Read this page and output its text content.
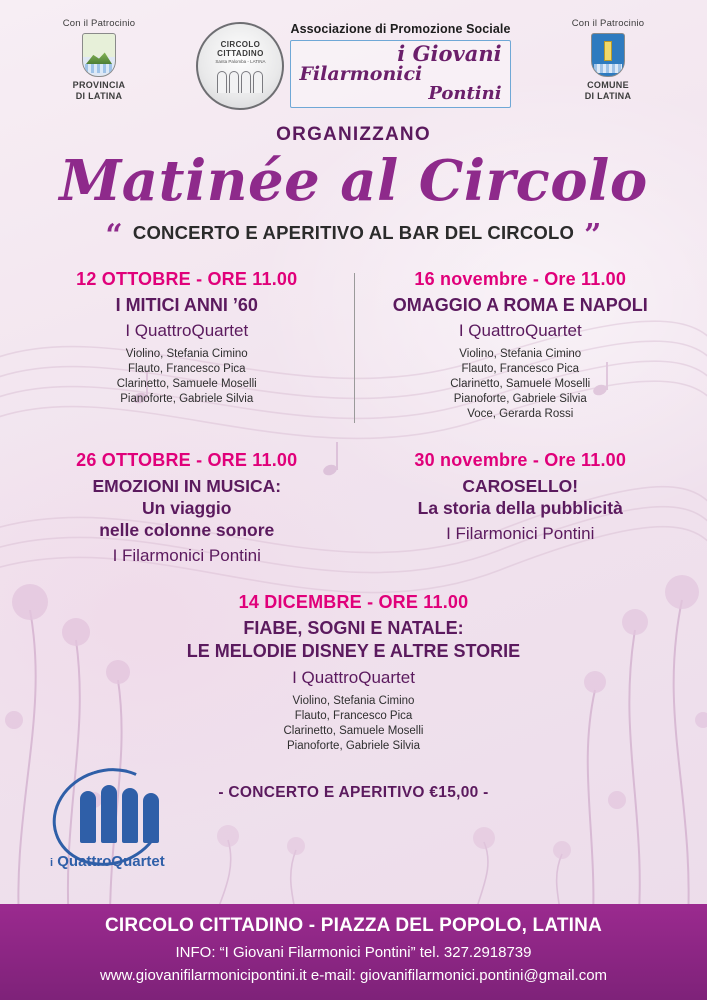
Con il Patrocinio
PROVINCIA
DI LATINA
CIRCOLO
CITTADINO
Santa Palomba - LATINA
Associazione di Promozione Sociale
i Giovani
Filarmonici
Pontini
Con il Patrocinio
COMUNE
DI LATINA
ORGANIZZANO
Matinée al Circolo
“ CONCERTO E APERITIVO AL BAR DEL CIRCOLO ”
12 OTTOBRE - ORE 11.00
I MITICI ANNI ’60
I QuattroQuartet
Violino, Stefania Cimino
Flauto, Francesco Pica
Clarinetto, Samuele Moselli
Pianoforte, Gabriele Silvia
16 novembre - Ore 11.00
OMAGGIO A ROMA E NAPOLI
I QuattroQuartet
Violino, Stefania Cimino
Flauto, Francesco Pica
Clarinetto, Samuele Moselli
Pianoforte, Gabriele Silvia
Voce, Gerarda Rossi
26 OTTOBRE - ORE 11.00
EMOZIONI IN MUSICA:
Un viaggio
nelle colonne sonore
I Filarmonici Pontini
30 novembre - Ore 11.00
CAROSELLO!
La storia della pubblicità
I Filarmonici Pontini
14 DICEMBRE - ORE 11.00
FIABE, SOGNI E NATALE:
LE MELODIE DISNEY E ALTRE STORIE
I QuattroQuartet
Violino, Stefania Cimino
Flauto, Francesco Pica
Clarinetto, Samuele Moselli
Pianoforte, Gabriele Silvia
- CONCERTO E APERITIVO €15,00 -
i QuattroQuartet
CIRCOLO CITTADINO - PIAZZA DEL POPOLO, LATINA
INFO: “I Giovani Filarmonici Pontini” tel. 327.2918739
www.giovanifilarmonicipontini.it e-mail: giovanifilarmonici.pontini@gmail.com
